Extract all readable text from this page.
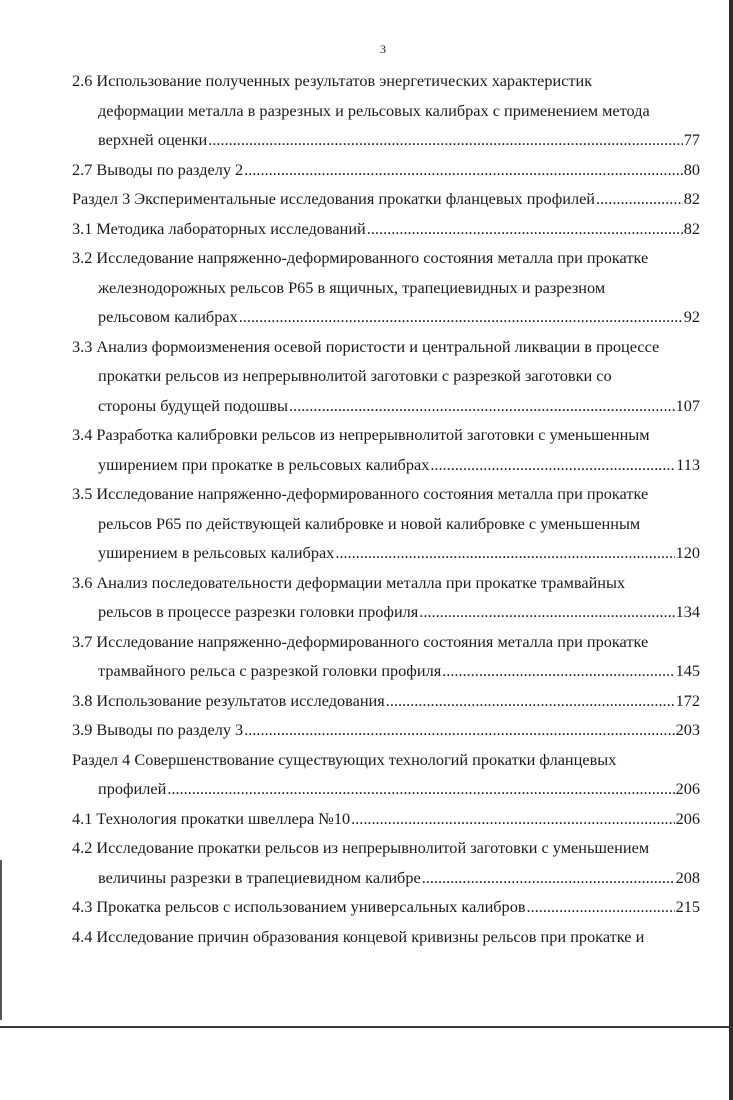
3
2.6 Использование полученных результатов энергетических характеристик
деформации металла в разрезных и рельсовых калибрах с применением метода
верхней оценки .....	77
2.7 Выводы по разделу 2 .....	80
Раздел 3 Экспериментальные исследования прокатки фланцевых профилей .....	82
3.1 Методика лабораторных исследований .....	82
3.2 Исследование напряженно-деформированного состояния металла при прокатке
железнодорожных рельсов Р65 в ящичных, трапециевидных и разрезном
рельсовом калибрах .....	92
3.3 Анализ формоизменения осевой пористости и центральной ликвации в процессе
прокатки рельсов из непрерывнолитой заготовки с разрезкой заготовки со
стороны будущей подошвы .....	107
3.4 Разработка калибровки рельсов из непрерывнолитой заготовки с уменьшенным
уширением при прокатке в рельсовых калибрах .....	113
3.5 Исследование напряженно-деформированного состояния металла при прокатке
рельсов Р65 по действующей калибровке и новой калибровке с уменьшенным
уширением в рельсовых калибрах .....	120
3.6 Анализ последовательности деформации металла при прокатке трамвайных
рельсов в процессе разрезки головки профиля .....	134
3.7 Исследование напряженно-деформированного состояния металла при прокатке
трамвайного рельса с разрезкой головки профиля .....	145
3.8 Использование результатов исследования .....	172
3.9 Выводы по разделу 3 .....	203
Раздел 4 Совершенствование существующих технологий прокатки фланцевых
профилей .....	206
4.1 Технология прокатки швеллера №10 .....	206
4.2 Исследование прокатки рельсов из непрерывнолитой заготовки с уменьшением
величины разрезки в трапециевидном калибре .....	208
4.3 Прокатка рельсов с использованием универсальных калибров .....	215
4.4 Исследование причин образования концевой кривизны рельсов при прокатке и
